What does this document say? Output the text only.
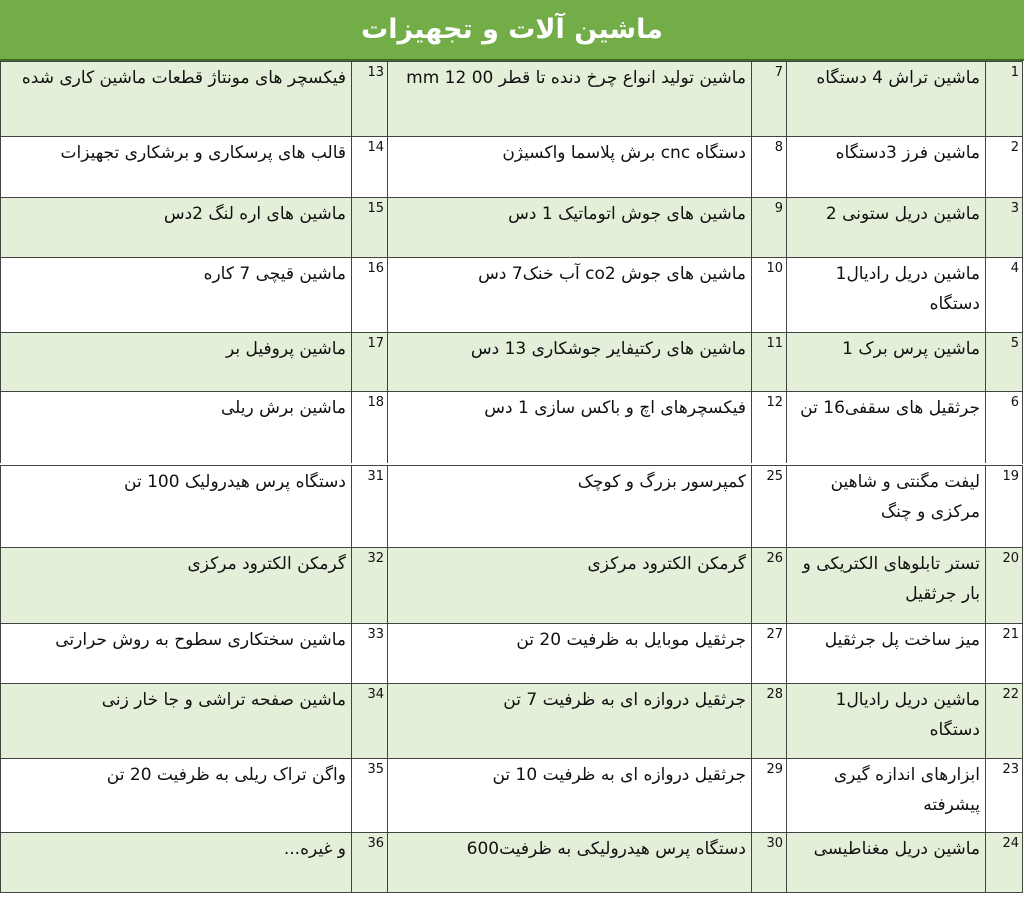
ماشین آلات و تجهیزات
1	ماشین تراش 4 دستگاه	7	ماشین تولید انواع چرخ دنده تا قطر mm 12 00	13	فیکسچر های مونتاژ قطعات ماشین کاری شده
2	ماشین فرز 3دستگاه	8	دستگاه cnc برش پلاسما واکسیژن	14	قالب های پرسکاری و برشکاری تجهیزات
3	ماشین دریل ستونی 2	9	ماشین های جوش اتوماتیک 1 دس	15	ماشین های اره لنگ 2دس
4	ماشین دریل رادیال1 دستگاه	10	ماشین های جوش co2 آب خنک7 دس	16	ماشین قیچی 7 کاره
5	ماشین پرس برک 1	11	ماشین های رکتیفایر جوشکاری 13 دس	17	ماشین پروفیل بر
6	جرثقیل های سقفی16 تن	12	فیکسچرهای اچ و باکس سازی 1 دس	18	ماشین برش ریلی
19	لیفت مگنتی و شاهین مرکزی و چنگ	25	کمپرسور بزرگ و کوچک	31	دستگاه پرس هیدرولیک 100 تن
20	تستر تابلوهای الکتریکی و بار جرثقیل	26	گرمکن الکترود مرکزی	32	گرمکن الکترود مرکزی
21	میز ساخت پل جرثقیل	27	جرثقیل موبایل به ظرفیت 20 تن	33	ماشین سختکاری سطوح به روش حرارتی
22	ماشین دریل رادیال1 دستگاه	28	جرثقیل دروازه ای به ظرفیت 7 تن	34	ماشین صفحه تراشی و جا خار زنی
23	ابزارهای اندازه گیری پیشرفته	29	جرثقیل دروازه ای به ظرفیت 10 تن	35	واگن تراک ریلی به ظرفیت 20 تن
24	ماشین دریل مغناطیسی	30	دستگاه پرس هیدرولیکی به ظرفیت600	36	و غیره...
